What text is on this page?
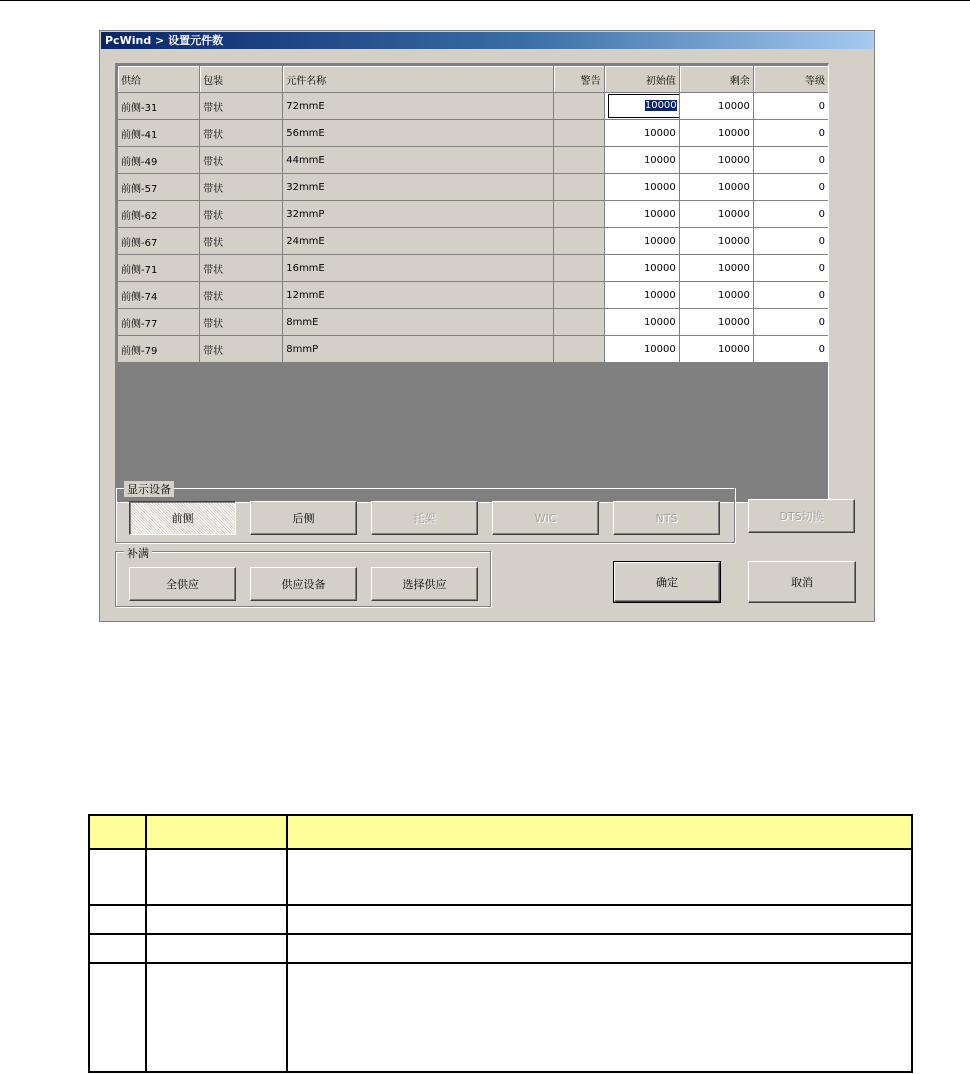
PcWind > 设置元件数
供给	包装	元件名称	警告	初始值	剩余	等级
前侧-31	带状	72mmE		10000	10000	0
前侧-41	带状	56mmE		10000	10000	0
前侧-49	带状	44mmE		10000	10000	0
前侧-57	带状	32mmE		10000	10000	0
前侧-62	带状	32mmP		10000	10000	0
前侧-67	带状	24mmE		10000	10000	0
前侧-71	带状	16mmE		10000	10000	0
前侧-74	带状	12mmE		10000	10000	0
前侧-77	带状	8mmE		10000	10000	0
前侧-79	带状	8mmP		10000	10000	0
显示设备
前侧	后侧	托架	WIC	NTS	DTS切换
补满
全供应	供应设备	选择供应	确定	取消
